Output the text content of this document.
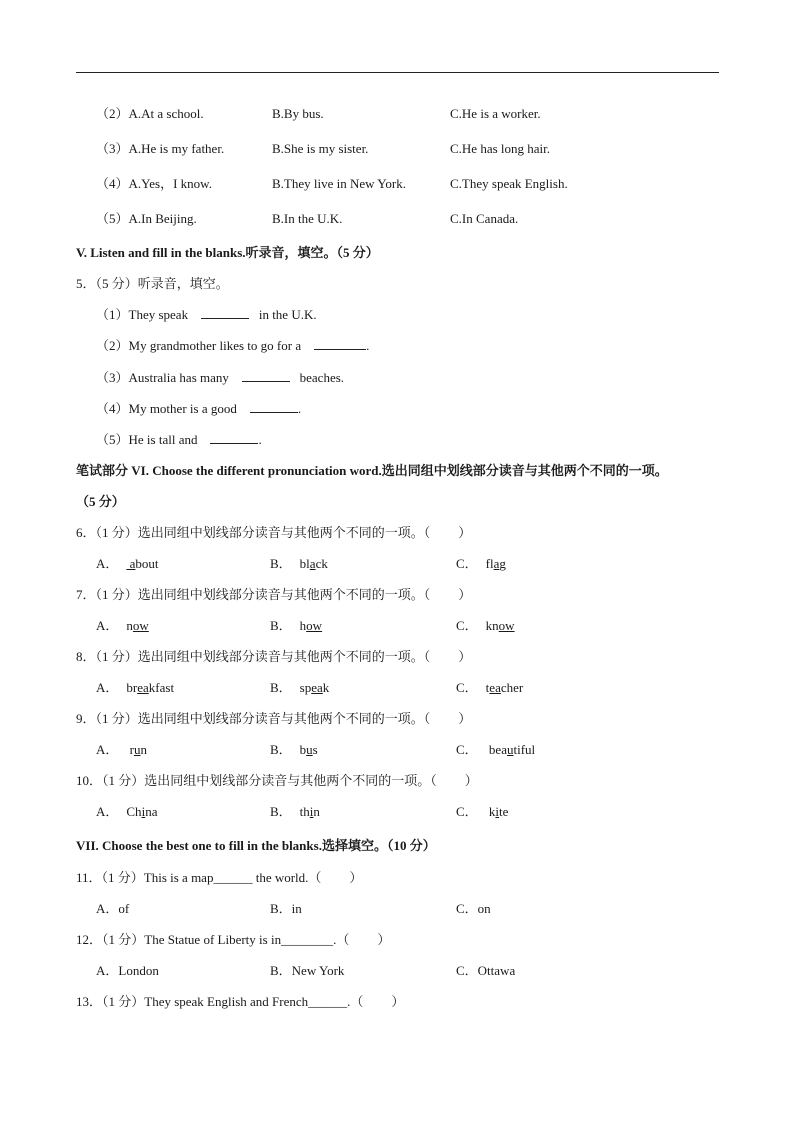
（2）A.At a school.	B.By bus.	C.He is a worker.
（3）A.He is my father.	B.She is my sister.	C.He has long hair.
（4）A.Yes，I know.	B.They live in New York.	C.They speak English.
（5）A.In Beijing.	B.In the U.K.	C.In Canada.
V. Listen and fill in the blanks.听录音，填空。（5 分）
5．（5 分）听录音，填空。
（1）They speak	in the U.K.
（2）My grandmother likes to go for a	.
（3）Australia has many	beaches.
（4）My mother is a good	.
（5）He is tall and	.
笔试部分 VI. Choose the different pronunciation word.选出同组中划线部分读音与其他两个不同的一项。
（5 分）
6．（1 分）选出同组中划线部分读音与其他两个不同的一项。（ ）
A． about	B． black	C． flag
7．（1 分）选出同组中划线部分读音与其他两个不同的一项。（ ）
A． now	B． how	C． know
8．（1 分）选出同组中划线部分读音与其他两个不同的一项。（ ）
A． breakfast	B． speak	C． teacher
9．（1 分）选出同组中划线部分读音与其他两个不同的一项。（ ）
A． run	B． bus	C． beautiful
10．（1 分）选出同组中划线部分读音与其他两个不同的一项。（ ）
A． China	B． thin	C． kite
VII. Choose the best one to fill in the blanks.选择填空。（10 分）
11．（1 分）This is a map______ the world.（ ）
A．of	B．in	C．on
12．（1 分）The Statue of Liberty is in________.（ ）
A．London	B．New York	C．Ottawa
13．（1 分）They speak English and French______.（ ）
